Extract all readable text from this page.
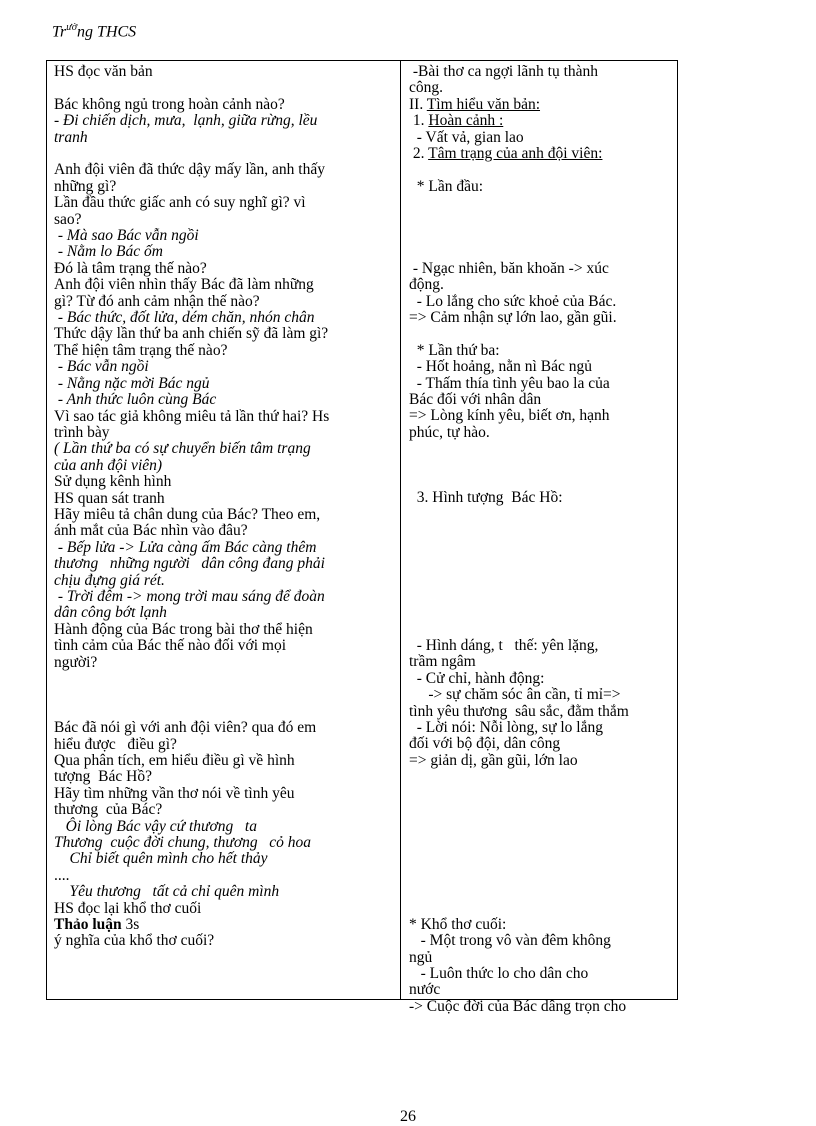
$Tr^{ườ}ng$ THCS
HS đọc văn bản
Bác không ngủ trong hoàn cảnh nào?
- Đi chiến dịch, mưa,  lạnh, giữa rừng, lều
tranh
Anh đội viên đã thức dậy mấy lần, anh thấy
những gì?
Lần đầu thức giấc anh có suy nghĩ gì? vì
sao?
- Mà sao Bác vẫn ngồi
- Nằm lo Bác ốm
Đó là tâm trạng thế nào?
Anh đội viên nhìn thấy Bác đã làm những
gì? Từ đó anh cảm nhận thế nào?
- Bác thức, đốt lửa, dém chăn, nhón chân
Thức dậy lần thứ ba anh chiến sỹ đã làm gì?
Thể hiện tâm trạng thế nào?
- Bác vẫn ngồi
- Nằng nặc mời Bác ngủ
- Anh thức luôn cùng Bác
Vì sao tác giả không miêu tả lần thứ hai? Hs
trình bày
( Lần thứ ba có sự chuyển biến tâm trạng
của anh đội viên)
Sử dụng kênh hình
HS quan sát tranh
Hãy miêu tả chân dung của Bác? Theo em,
ánh mắt của Bác nhìn vào đâu?
- Bếp lửa -> Lửa càng ấm Bác càng thêm
thương   những người   dân công đang phải
chịu đựng giá rét.
- Trời đêm -> mong trời mau sáng để đoàn
dân công bớt lạnh
Hành động của Bác trong bài thơ thể hiện
tình cảm của Bác thế nào đối với mọi
người?
Bác đã nói gì với anh đội viên? qua đó em
hiểu được   điều gì?
Qua phân tích, em hiểu điều gì về hình
tượng  Bác Hồ?
Hãy tìm những vần thơ nói về tình yêu
thương  của Bác?
Ôi lòng Bác vậy cứ thương   ta
Thương  cuộc đời chung, thương   cỏ hoa
Chỉ biết quên mình cho hết thảy
....
Yêu thương   tất cả chỉ quên mình
HS đọc lại khổ thơ cuối
Thảo luận 3s
ý nghĩa của khổ thơ cuối?
-Bài thơ ca ngợi lãnh tụ thành
công.
II. Tìm hiểu văn bản:
1. Hoàn cảnh :
- Vất vả, gian lao
2. Tâm trạng của anh đội viên:
* Lần đầu:
- Ngạc nhiên, băn khoăn -> xúc
động.
- Lo lắng cho sức khoẻ của Bác.
=> Cảm nhận sự lớn lao, gần gũi.
* Lần thứ ba:
- Hốt hoảng, nằn nì Bác ngủ
- Thấm thía tình yêu bao la của
Bác đối với nhân dân
=> Lòng kính yêu, biết ơn, hạnh
phúc, tự hào.
3. Hình tượng  Bác Hồ:
- Hình dáng, t   thế: yên lặng,
trầm ngâm
- Cử chỉ, hành động:
-> sự chăm sóc ân cần, tỉ mỉ=>
tình yêu thương  sâu sắc, đằm thắm
- Lời nói: Nỗi lòng, sự lo lắng
đối với bộ đội, dân công
=> giản dị, gần gũi, lớn lao
* Khổ thơ cuối:
- Một trong vô vàn đêm không
ngủ
- Luôn thức lo cho dân cho
nước
-> Cuộc đời của Bác dâng trọn cho
26
